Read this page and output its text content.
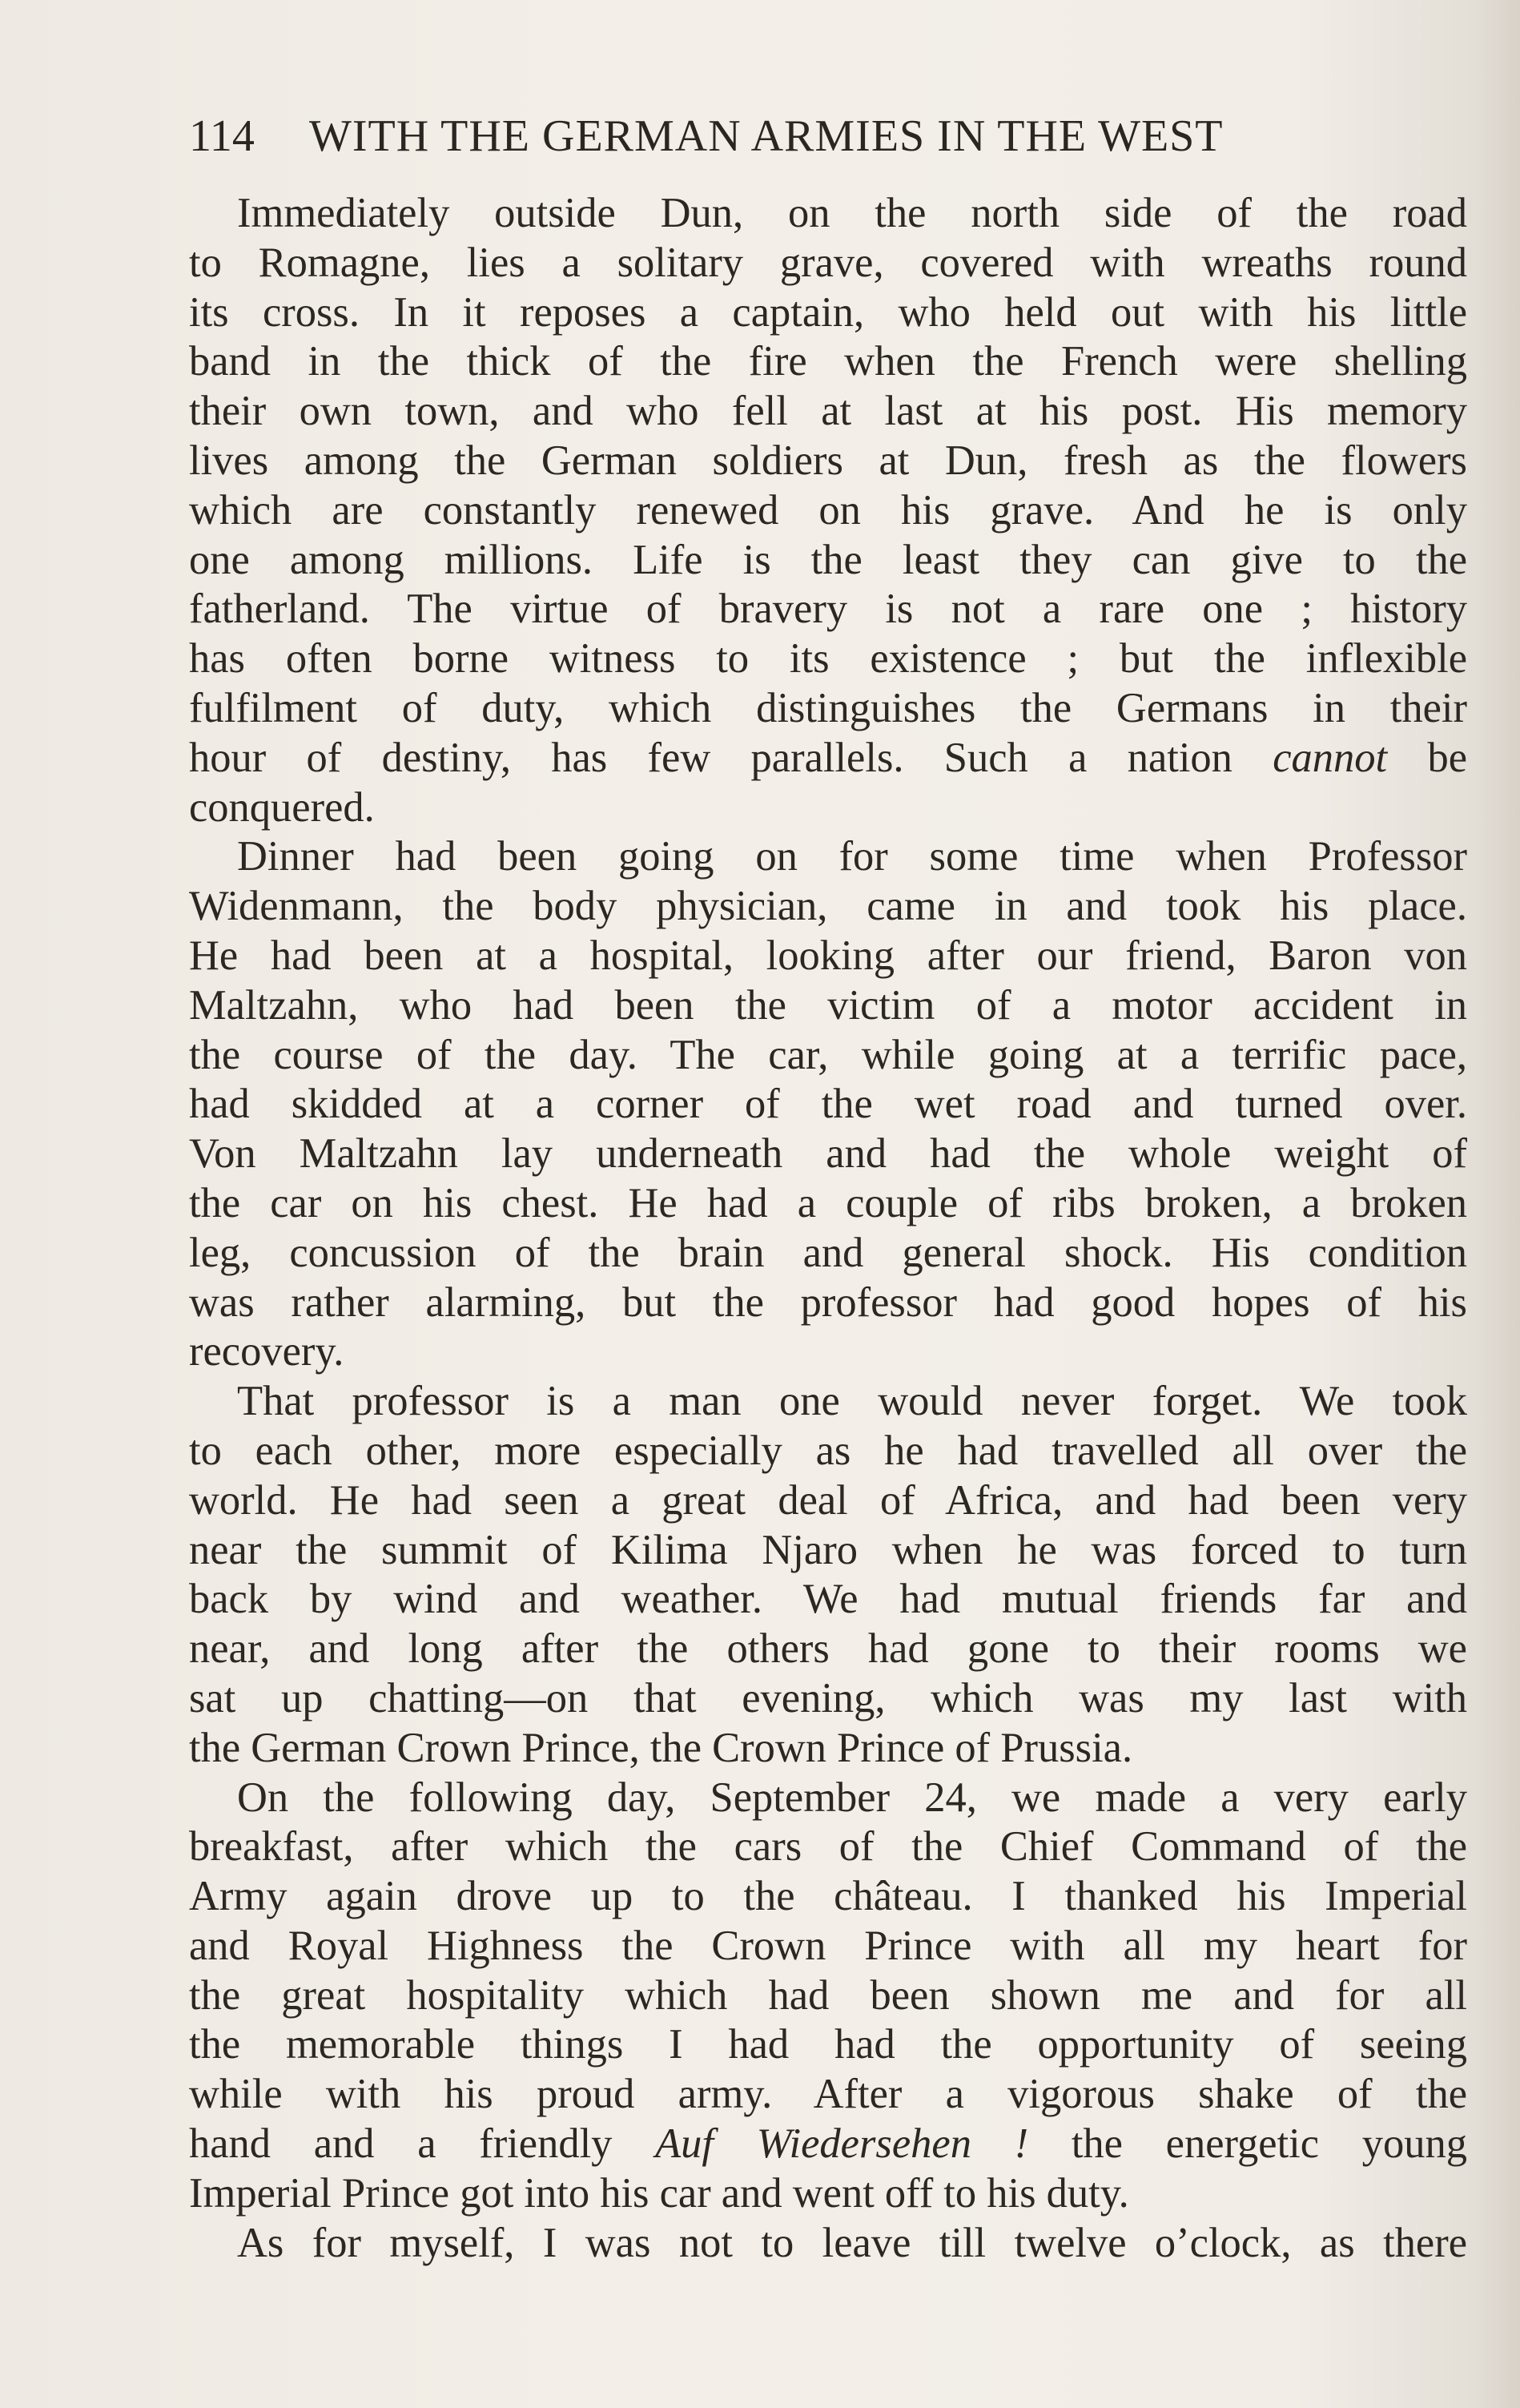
114 WITH THE GERMAN ARMIES IN THE WEST
Immediately outside Dun, on the north side of the road
to Romagne, lies a solitary grave, covered with wreaths round
its cross. In it reposes a captain, who held out with his little
band in the thick of the fire when the French were shelling
their own town, and who fell at last at his post. His memory
lives among the German soldiers at Dun, fresh as the flowers
which are constantly renewed on his grave. And he is only
one among millions. Life is the least they can give to the
fatherland. The virtue of bravery is not a rare one ; history
has often borne witness to its existence ; but the inflexible
fulfilment of duty, which distinguishes the Germans in their
hour of destiny, has few parallels. Such a nation cannot be
conquered.
Dinner had been going on for some time when Professor
Widenmann, the body physician, came in and took his place.
He had been at a hospital, looking after our friend, Baron von
Maltzahn, who had been the victim of a motor accident in
the course of the day. The car, while going at a terrific pace,
had skidded at a corner of the wet road and turned over.
Von Maltzahn lay underneath and had the whole weight of
the car on his chest. He had a couple of ribs broken, a broken
leg, concussion of the brain and general shock. His condition
was rather alarming, but the professor had good hopes of his
recovery.
That professor is a man one would never forget. We took
to each other, more especially as he had travelled all over the
world. He had seen a great deal of Africa, and had been very
near the summit of Kilima Njaro when he was forced to turn
back by wind and weather. We had mutual friends far and
near, and long after the others had gone to their rooms we
sat up chatting—on that evening, which was my last with
the German Crown Prince, the Crown Prince of Prussia.
On the following day, September 24, we made a very early
breakfast, after which the cars of the Chief Command of the
Army again drove up to the château. I thanked his Imperial
and Royal Highness the Crown Prince with all my heart for
the great hospitality which had been shown me and for all
the memorable things I had had the opportunity of seeing
while with his proud army. After a vigorous shake of the
hand and a friendly Auf Wiedersehen ! the energetic young
Imperial Prince got into his car and went off to his duty.
As for myself, I was not to leave till twelve o’clock, as there
